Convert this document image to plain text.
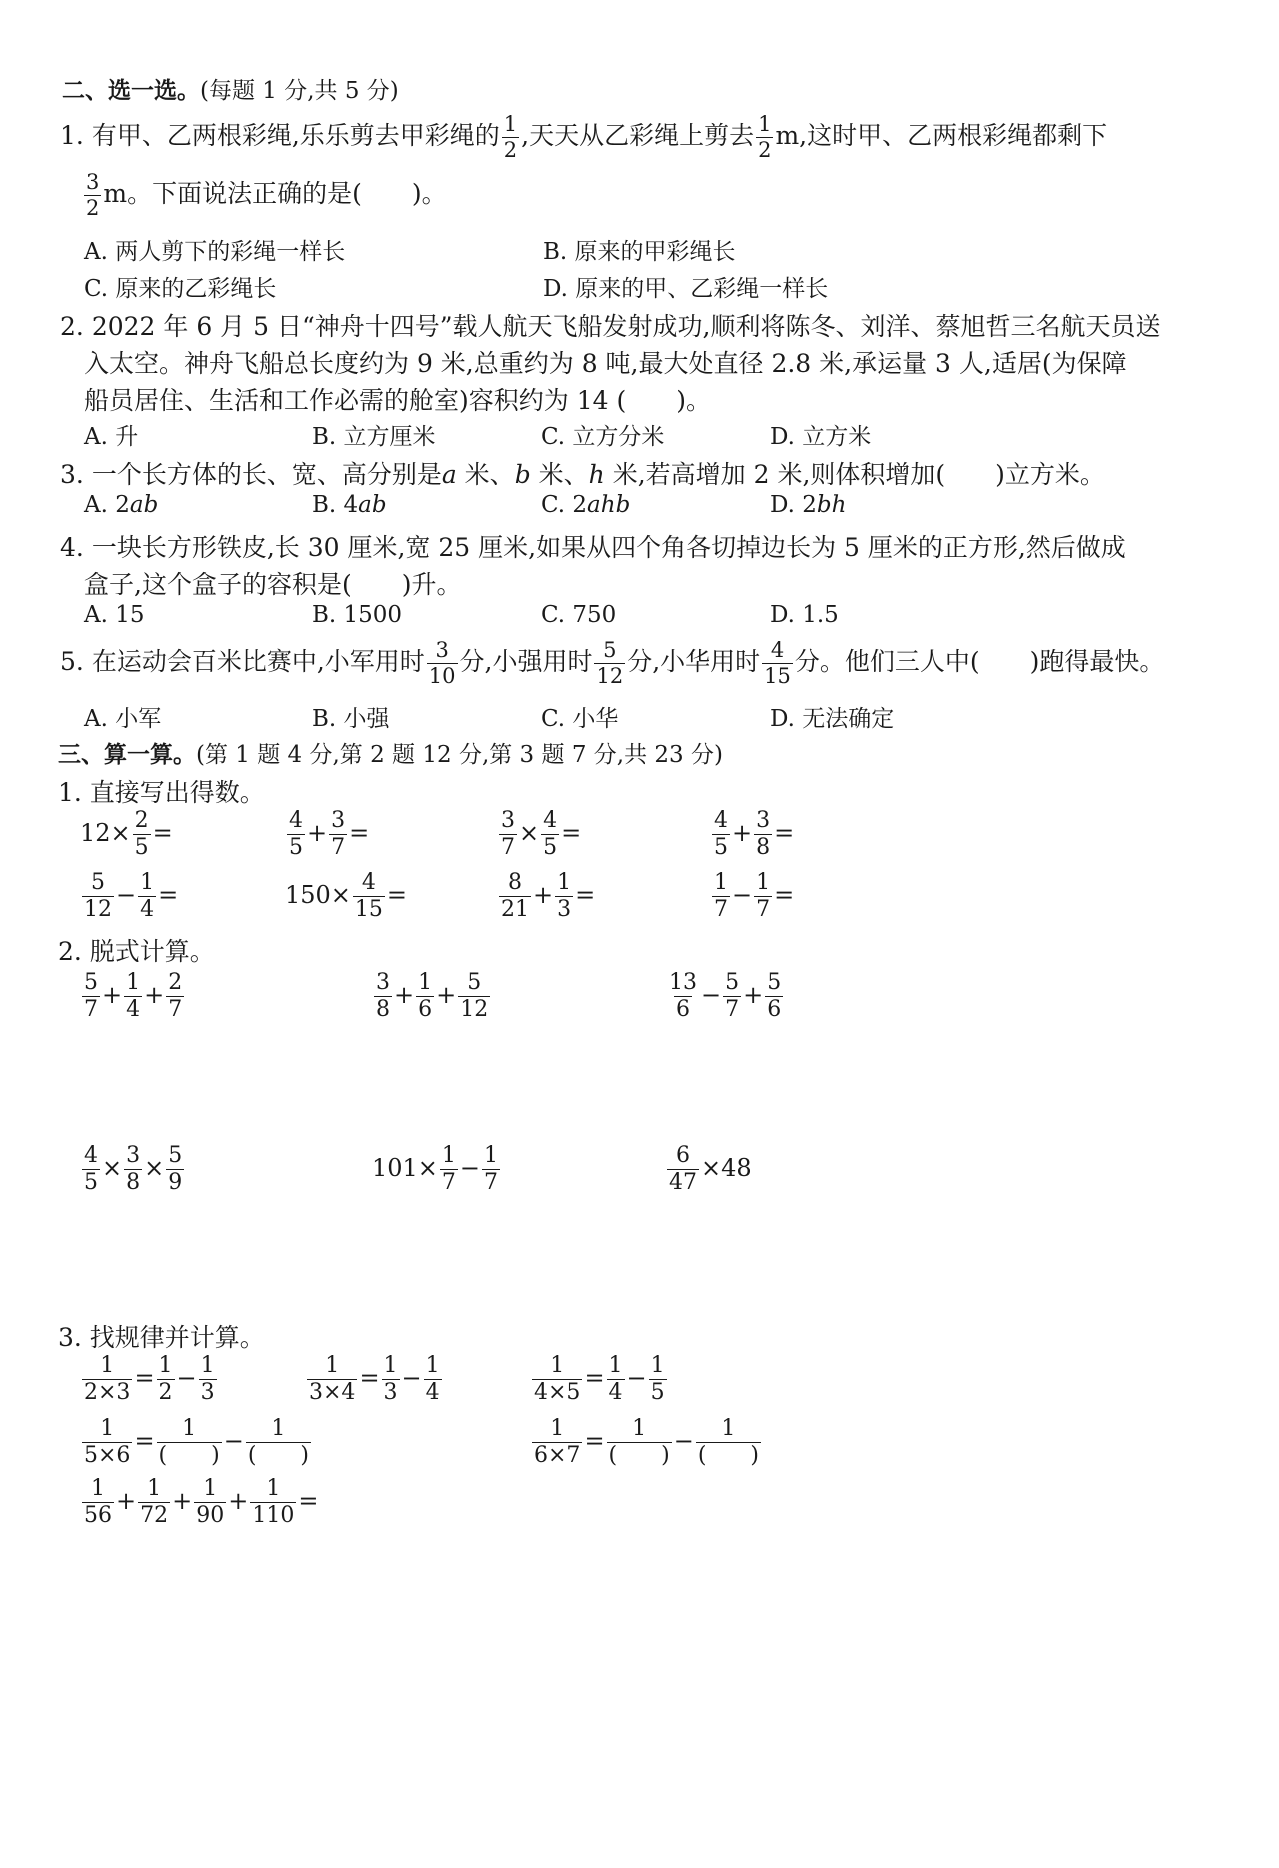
二、选一选。(每题 1 分,共 5 分)
1. 有甲、乙两根彩绳,乐乐剪去甲彩绳的 $\frac{1}{2}$ ,天天从乙彩绳上剪去 $\frac{1}{2} m$,这时甲、乙两根彩绳都剩下
$\frac{3}{2}$ m。下面说法正确的是(　　)。
A. 两人剪下的彩绳一样长	B. 原来的甲彩绳长
C. 原来的乙彩绳长	D. 原来的甲、乙彩绳一样长
2. 2022 年 6 月 5 日“神舟十四号”载人航天飞船发射成功,顺利将陈冬、刘洋、蔡旭哲三名航天员送
入太空。神舟飞船总长度约为 9 米,总重约为 8 吨,最大处直径 2.8 米,承运量 3 人,适居(为保障
船员居住、生活和工作必需的舱室)容积约为 14 (　　)。
A. 升	B. 立方厘米	C. 立方分米	D. 立方米
3. 一个长方体的长、宽、高分别是a 米、b 米、h 米,若高增加 2 米,则体积增加(　　)立方米。
A. 2ab	B. 4ab	C. 2ahb	D. 2bh
4. 一块长方形铁皮,长 30 厘米,宽 25 厘米,如果从四个角各切掉边长为 5 厘米的正方形,然后做成
盒子,这个盒子的容积是(　　)升。
A. 15	B. 1500	C. 750	D. 1.5
5. 在运动会百米比赛中,小军用时 $\frac{3}{10}$ 分,小强用时 $\frac{5}{12}$ 分,小华用时 $\frac{4}{15}$ 分。他们三人中(　　)跑得最快。
A. 小军	B. 小强	C. 小华	D. 无法确定
三、算一算。(第 1 题 4 分,第 2 题 12 分,第 3 题 7 分,共 23 分)
1. 直接写出得数。
$12\times \frac{2}{5}$ =	$\frac{4}{5} + \frac{3}{7}$ =	$\frac{3}{7} \times \frac{4}{5}$ =	$\frac{4}{5} + \frac{3}{8}$ =
$\frac{5}{12} - \frac{1}{4}$ =	$150\times \frac{4}{15}$ =	$\frac{8}{21} + \frac{1}{3}$ =	$\frac{1}{7} - \frac{1}{7}$ =
2. 脱式计算。
$\frac{5}{7} + \frac{1}{4} + \frac{2}{7}$	$\frac{3}{8} + \frac{1}{6} + \frac{5}{12}$	$\frac{13}{6} - \frac{5}{7} + \frac{5}{6}$
$\frac{4}{5} \times \frac{3}{8} \times \frac{5}{9}$	$101\times \frac{1}{7} - \frac{1}{7}$	$\frac{6}{47} \times 48$
3. 找规律并计算。
$\frac{1}{2\times 3} = \frac{1}{2} - \frac{1}{3}$	$\frac{1}{3\times 4} = \frac{1}{3} - \frac{1}{4}$	$\frac{1}{4\times 5} = \frac{1}{4} - \frac{1}{5}$
$\frac{1}{5\times 6} = \frac{1}{( )} - \frac{1}{( )}$	$\frac{1}{6\times 7} = \frac{1}{( )} - \frac{1}{( )}$
$\frac{1}{56} + \frac{1}{72} + \frac{1}{90} + \frac{1}{110}$ =
